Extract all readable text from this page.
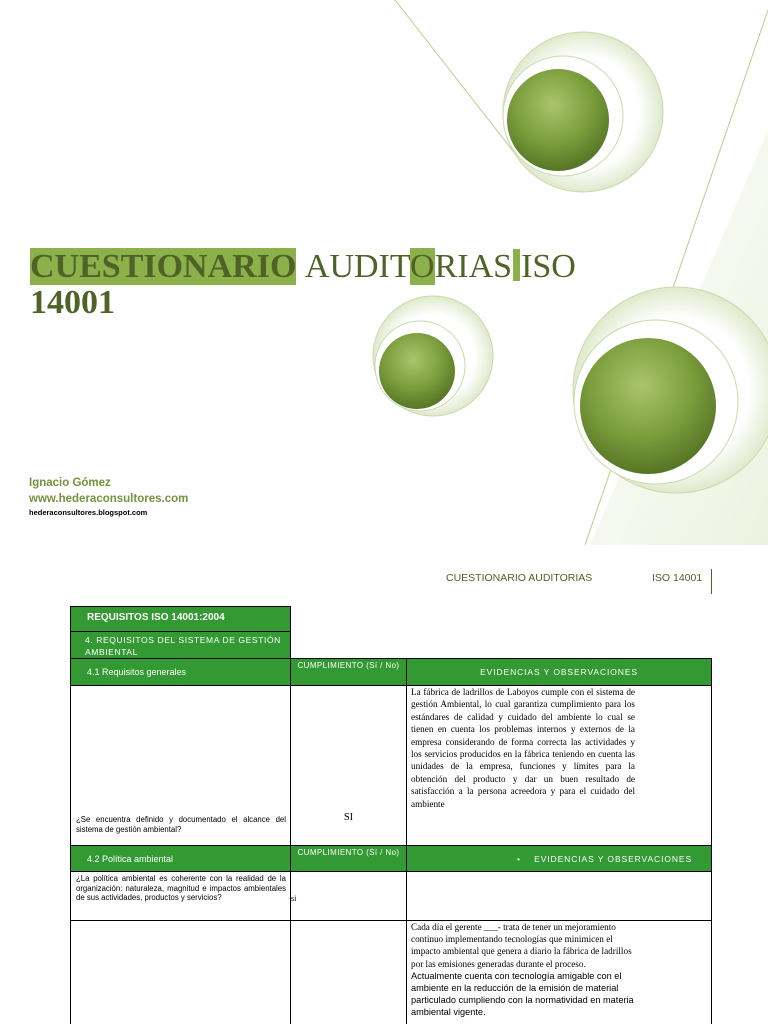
CUESTIONARIO AUDITORIAS ISO
14001
Ignacio Gómez
www.hederaconsultores.com
hederaconsultores.blogspot.com
CUESTIONARIO AUDITORIAS	ISO 14001
REQUISITOS ISO 14001:2004
4. REQUISITOS DEL SISTEMA DE GESTIÓN AMBIENTAL
4.1 Requisitos generales
CUMPLIMIENTO (Sí / No)
EVIDENCIAS Y OBSERVACIONES
¿Se encuentra definido y documentado el alcance del sistema de gestión ambiental?
SI
La fábrica de ladrillos de Laboyos cumple con el sistema de gestión Ambiental, lo cual garantiza cumplimiento para los estándares de calidad y cuidado del ambiente lo cual se tienen en cuenta los problemas internos y externos de la empresa considerando de forma correcta las actividades y los servicios producidos en la fábrica teniendo en cuenta las unidades de la empresa, funciones y límites para la obtención del producto y dar un buen resultado de satisfacción a la persona acreedora y para el cuidado del ambiente
4.2 Política ambiental
CUMPLIMIENTO (Sí / No)
• EVIDENCIAS Y OBSERVACIONES
¿La política ambiental es coherente con la realidad de la organización: naturaleza, magnitud e impactos ambientales de sus actividades, productos y servicios?	si
Cada día el gerente ___- trata de tener un mejoramiento continuo implementando tecnologías que minimicen el impacto ambiental que genera a diario la fábrica de ladrillos por las emisiones generadas durante el proceso.
Actualmente cuenta con tecnología amigable con el ambiente en la reducción de la emisión de material particulado cumpliendo con la normatividad en materia ambiental vigente.
